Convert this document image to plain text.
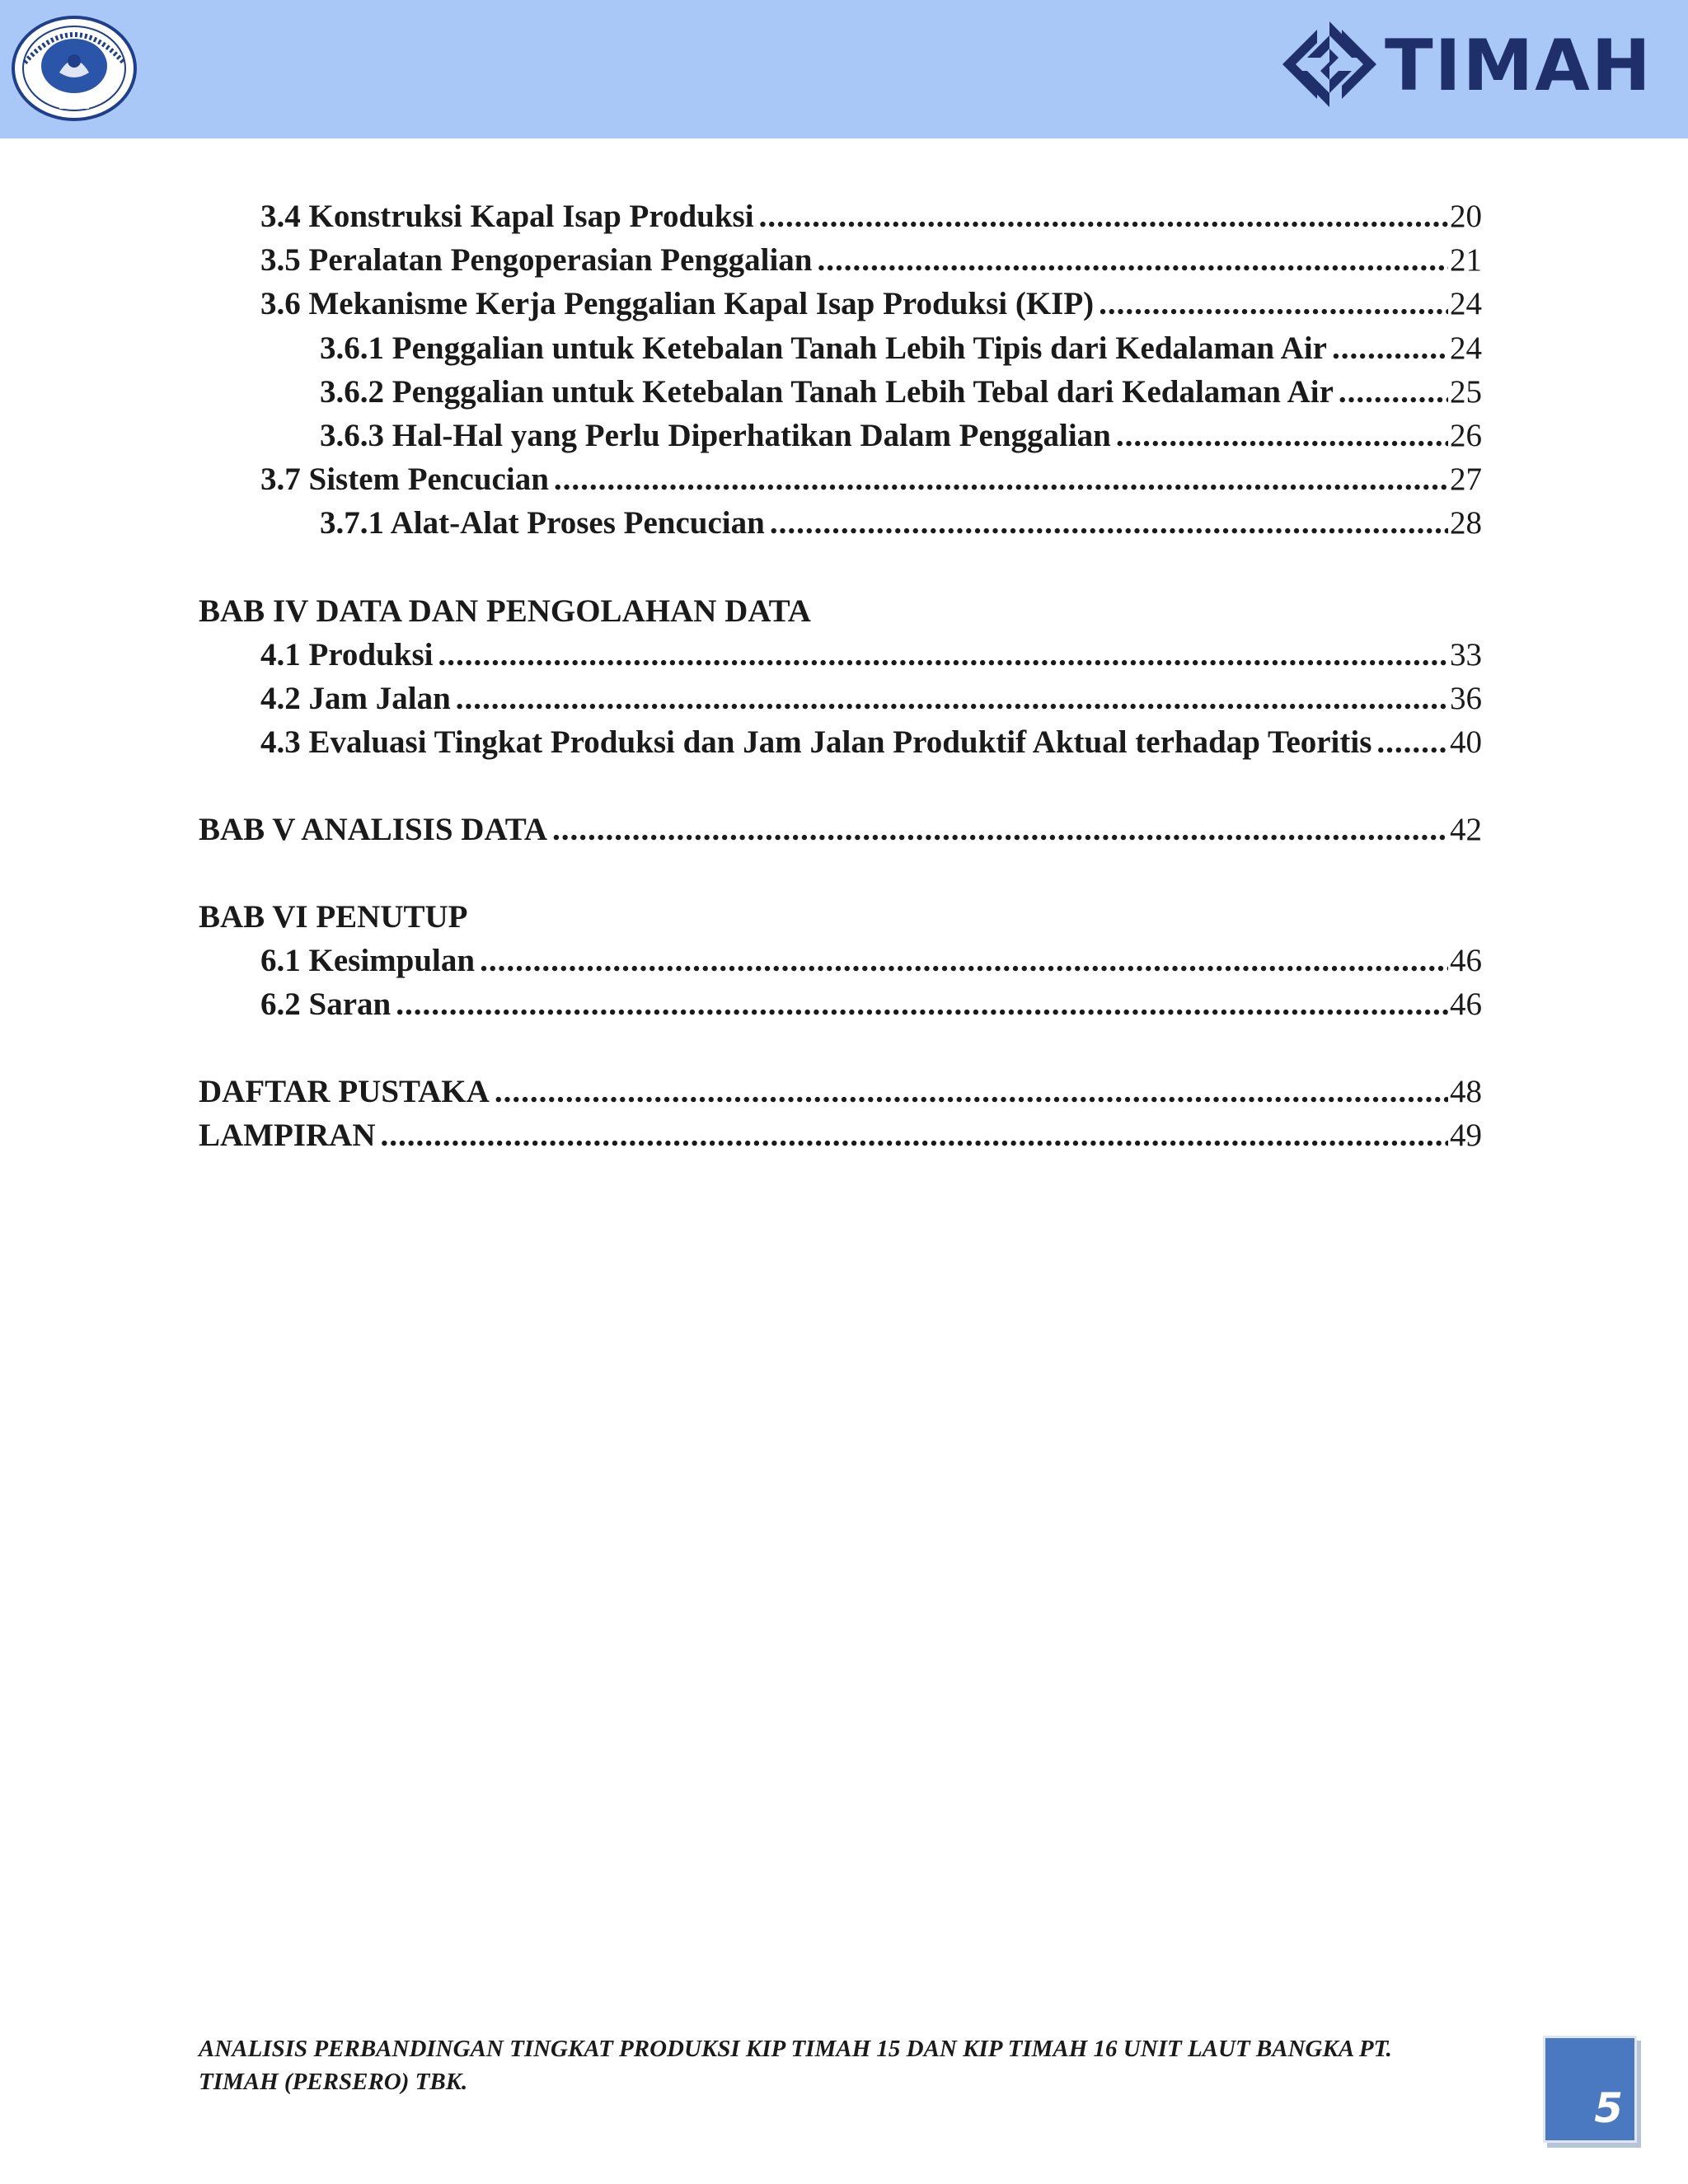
TIMAH
3.4 Konstruksi Kapal Isap Produksi .....	20
3.5 Peralatan Pengoperasian Penggalian .....	21
3.6 Mekanisme Kerja Penggalian Kapal Isap Produksi (KIP) .....	24
3.6.1 Penggalian untuk Ketebalan Tanah Lebih Tipis dari Kedalaman Air .....	24
3.6.2 Penggalian untuk Ketebalan Tanah Lebih Tebal dari Kedalaman Air .....	25
3.6.3 Hal-Hal yang Perlu Diperhatikan Dalam Penggalian .....	26
3.7 Sistem Pencucian .....	27
3.7.1 Alat-Alat Proses Pencucian .....	28
BAB IV DATA DAN PENGOLAHAN DATA
4.1 Produksi .....	33
4.2 Jam Jalan .....	36
4.3 Evaluasi Tingkat Produksi dan Jam Jalan Produktif Aktual terhadap Teoritis ..... 40
BAB V ANALISIS DATA .....	42
BAB VI PENUTUP
6.1 Kesimpulan .....	46
6.2 Saran .....	46
DAFTAR PUSTAKA .....	48
LAMPIRAN .....	49
ANALISIS PERBANDINGAN TINGKAT PRODUKSI KIP TIMAH 15 DAN KIP TIMAH 16 UNIT LAUT BANGKA PT.
TIMAH (PERSERO) TBK.
5
